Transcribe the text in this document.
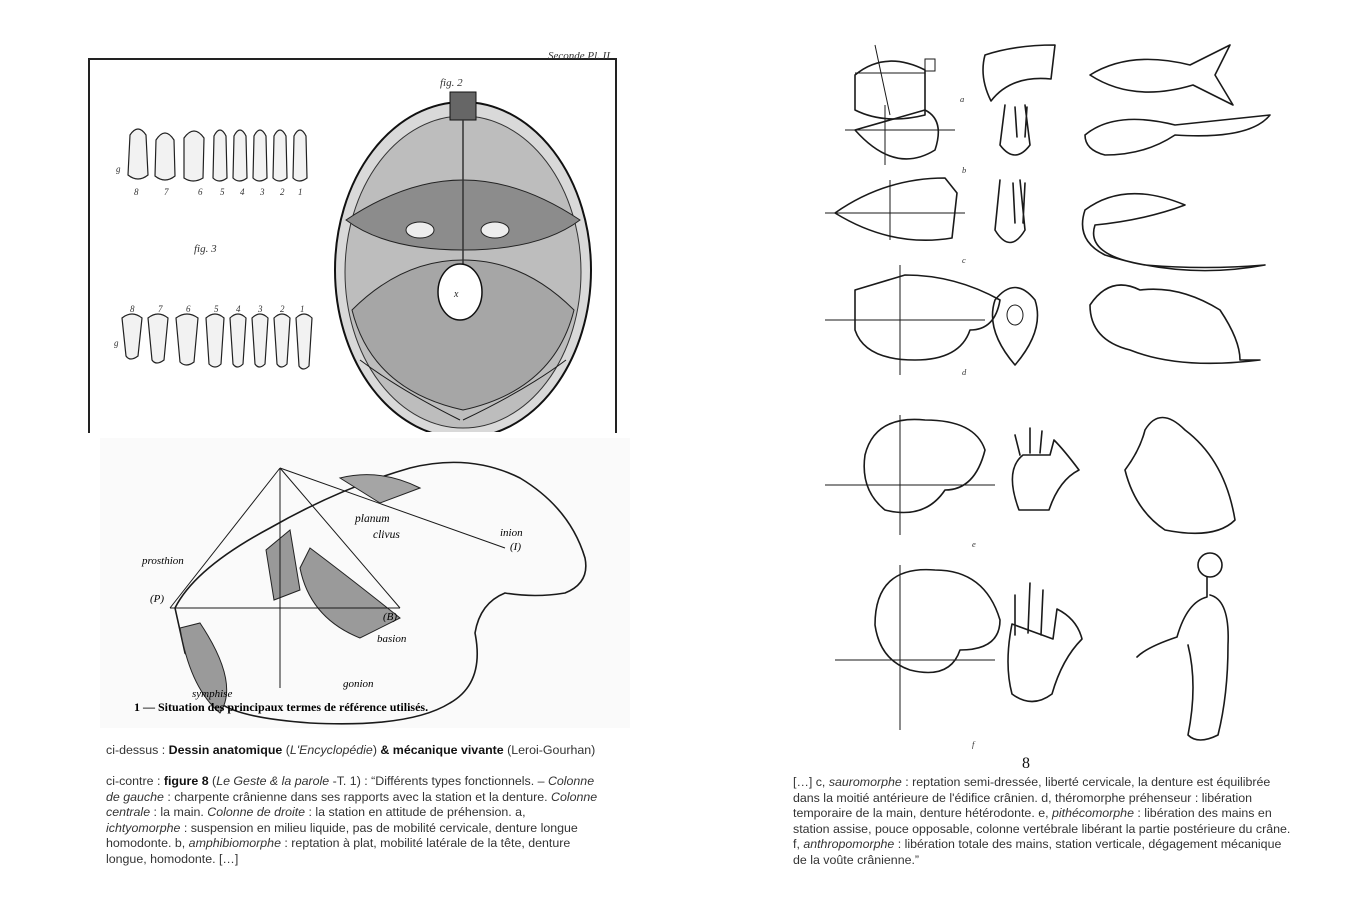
Seconde Pl. II
fig. 2
fig. 3
8	7	6 5 4 3 2 1
g
8	7	6	5 4 3 2 1
g
x
planum
clivus	inion
(I)
prosthion
(P)
(B)
basion
gonion
symphise
1 — Situation des principaux termes de référence utilisés.
ci-dessus : Dessin anatomique (L'Encyclopédie) & mécanique vivante (Leroi-Gourhan)
ci-contre : figure 8 (Le Geste & la parole -T. 1) : “Différents types fonctionnels. – Colonne de gauche : charpente crânienne dans ses rapports avec la station et la denture. Colonne centrale : la main. Colonne de droite : la station en attitude de préhension. a, ichtyomorphe : suspension en milieu liquide, pas de mobilité cervicale, denture longue homodonte. b, amphibiomorphe : reptation à plat, mobilité latérale de la tête, denture longue, homodonte. […]
a
b
c
d
e
f
8
[…] c, sauromorphe : reptation semi-dressée, liberté cervicale, la denture est équilibrée dans la moitié antérieure de l'édifice crânien. d, théromorphe préhenseur : libération temporaire de la main, denture hétérodonte. e, pithécomorphe : libération des mains en station assise, pouce opposable, colonne vertébrale libérant la partie postérieure du crâne. f, anthropomorphe : libération totale des mains, station verticale, dégagement mécanique de la voûte crânienne.”
